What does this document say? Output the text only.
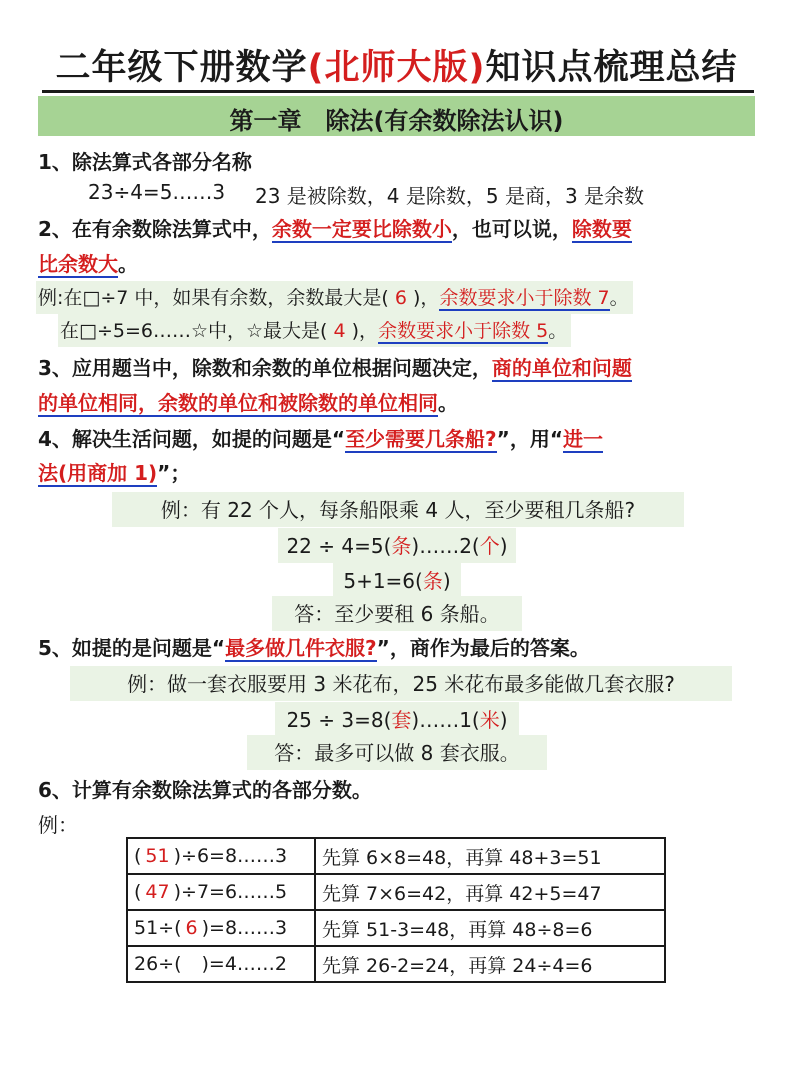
二年级下册数学(北师大版)知识点梳理总结
第一章　除法(有余数除法认识)
1、除法算式各部分名称
23÷4=5……3 23 是被除数，4 是除数，5 是商，3 是余数
2、在有余数除法算式中，余数一定要比除数小，也可以说，除数要
比余数大。
例:在□÷7 中，如果有余数，余数最大是( 6 )，余数要求小于除数 7。
在□÷5=6……☆中，☆最大是( 4 )，余数要求小于除数 5。
3、应用题当中，除数和余数的单位根据问题决定，商的单位和问题
的单位相同，余数的单位和被除数的单位相同。
4、解决生活问题，如提的问题是“至少需要几条船?”，用“进一
法(用商加 1)”；
例：有 22 个人，每条船限乘 4 人，至少要租几条船?
22 ÷ 4=5(条)……2(个)
5+1=6(条)
答：至少要租 6 条船。
5、如提的是问题是“最多做几件衣服?”，商作为最后的答案。
例：做一套衣服要用 3 米花布，25 米花布最多能做几套衣服?
25 ÷ 3=8(套)……1(米)
答：最多可以做 8 套衣服。
6、计算有余数除法算式的各部分数。
例：
( 51 )÷6=8……3	先算 6×8=48，再算 48+3=51
( 47 )÷7=6……5	先算 7×6=42，再算 42+5=47
51÷( 6 )=8……3	先算 51-3=48，再算 48÷8=6
26÷( )=4……2	先算 26-2=24，再算 24÷4=6
